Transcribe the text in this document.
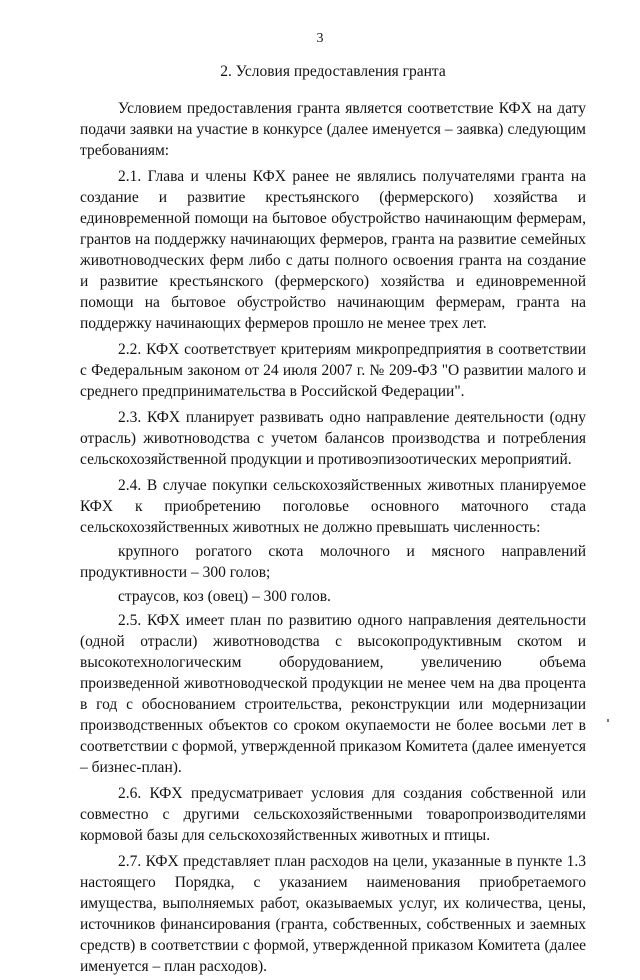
3
2. Условия предоставления гранта

Условием предоставления гранта является соответствие КФХ на дату подачи заявки на участие в конкурсе (далее именуется – заявка) следующим требованиям:

2.1. Глава и члены КФХ ранее не являлись получателями гранта на создание и развитие крестьянского (фермерского) хозяйства и единовременной помощи на бытовое обустройство начинающим фермерам, грантов на поддержку начинающих фермеров, гранта на развитие семейных животноводческих ферм либо с даты полного освоения гранта на создание и развитие крестьянского (фермерского) хозяйства и единовременной помощи на бытовое обустройство начинающим фермерам, гранта на поддержку начинающих фермеров прошло не менее трех лет.

2.2. КФХ соответствует критериям микропредприятия в соответствии с Федеральным законом от 24 июля 2007 г. № 209-ФЗ "О развитии малого и среднего предпринимательства в Российской Федерации".

2.3. КФХ планирует развивать одно направление деятельности (одну отрасль) животноводства с учетом балансов производства и потребления сельскохозяйственной продукции и противоэпизоотических мероприятий.

2.4. В случае покупки сельскохозяйственных животных планируемое КФХ к приобретению поголовье основного маточного стада сельскохозяйственных животных не должно превышать численность:

крупного рогатого скота молочного и мясного направлений продуктивности – 300 голов;

страусов, коз (овец) – 300 голов.

2.5. КФХ имеет план по развитию одного направления деятельности (одной отрасли) животноводства с высокопродуктивным скотом и высокотехнологическим оборудованием, увеличению объема произведенной животноводческой продукции не менее чем на два процента в год с обоснованием строительства, реконструкции или модернизации производственных объектов со сроком окупаемости не более восьми лет в соответствии с формой, утвержденной приказом Комитета (далее именуется – бизнес-план).

2.6. КФХ предусматривает условия для создания собственной или совместно с другими сельскохозяйственными товаропроизводителями кормовой базы для сельскохозяйственных животных и птицы.

2.7. КФХ представляет план расходов на цели, указанные в пункте 1.3 настоящего Порядка, с указанием наименования приобретаемого имущества, выполняемых работ, оказываемых услуг, их количества, цены, источников финансирования (гранта, собственных, собственных и заемных средств) в соответствии с формой, утвержденной приказом Комитета (далее именуется – план расходов).
